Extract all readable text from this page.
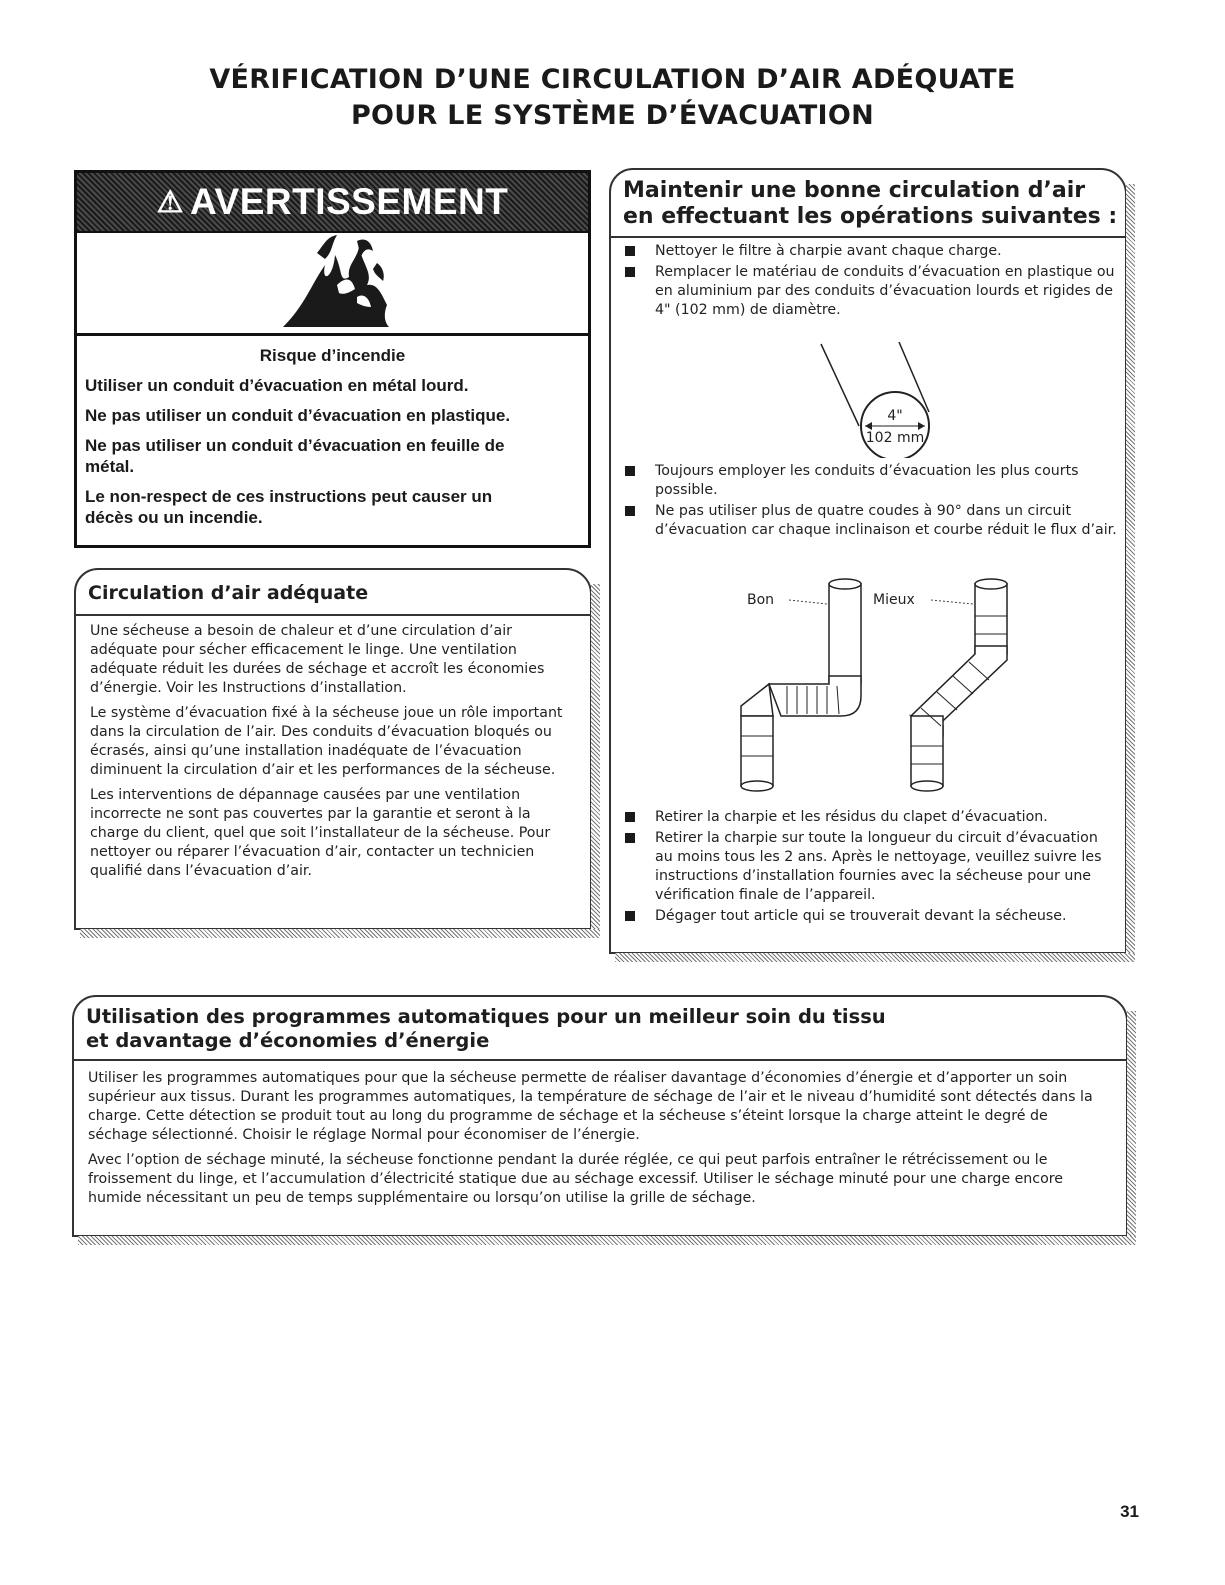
VÉRIFICATION D’UNE CIRCULATION D’AIR ADÉQUATE
POUR LE SYSTÈME D’ÉVACUATION
⚠ AVERTISSEMENT
Risque d’incendie

Utiliser un conduit d’évacuation en métal lourd.

Ne pas utiliser un conduit d’évacuation en plastique.

Ne pas utiliser un conduit d’évacuation en feuille de métal.

Le non-respect de ces instructions peut causer un décès ou un incendie.

Circulation d’air adéquate

Une sécheuse a besoin de chaleur et d’une circulation d’air adéquate pour sécher efficacement le linge. Une ventilation adéquate réduit les durées de séchage et accroît les économies d’énergie. Voir les Instructions d’installation.

Le système d’évacuation fixé à la sécheuse joue un rôle important dans la circulation de l’air. Des conduits d’évacuation bloqués ou écrasés, ainsi qu’une installation inadéquate de l’évacuation diminuent la circulation d’air et les performances de la sécheuse.

Les interventions de dépannage causées par une ventilation incorrecte ne sont pas couvertes par la garantie et seront à la charge du client, quel que soit l’installateur de la sécheuse. Pour nettoyer ou réparer l’évacuation d’air, contacter un technicien qualifié dans l’évacuation d’air.

Maintenir une bonne circulation d’air
en effectuant les opérations suivantes :
Nettoyer le filtre à charpie avant chaque charge.
Remplacer le matériau de conduits d’évacuation en plastique ou en aluminium par des conduits d’évacuation lourds et rigides de 4" (102 mm) de diamètre.
4"
102 mm
Toujours employer les conduits d’évacuation les plus courts possible.
Ne pas utiliser plus de quatre coudes à 90° dans un circuit d’évacuation car chaque inclinaison et courbe réduit le flux d’air.
Bon	Mieux
Retirer la charpie et les résidus du clapet d’évacuation.
Retirer la charpie sur toute la longueur du circuit d’évacuation au moins tous les 2 ans. Après le nettoyage, veuillez suivre les instructions d’installation fournies avec la sécheuse pour une vérification finale de l’appareil.
Dégager tout article qui se trouverait devant la sécheuse.
Utilisation des programmes automatiques pour un meilleur soin du tissu
et davantage d’économies d’énergie

Utiliser les programmes automatiques pour que la sécheuse permette de réaliser davantage d’économies d’énergie et d’apporter un soin supérieur aux tissus. Durant les programmes automatiques, la température de séchage de l’air et le niveau d’humidité sont détectés dans la charge. Cette détection se produit tout au long du programme de séchage et la sécheuse s’éteint lorsque la charge atteint le degré de séchage sélectionné. Choisir le réglage Normal pour économiser de l’énergie.

Avec l’option de séchage minuté, la sécheuse fonctionne pendant la durée réglée, ce qui peut parfois entraîner le rétrécissement ou le froissement du linge, et l’accumulation d’électricité statique due au séchage excessif. Utiliser le séchage minuté pour une charge encore humide nécessitant un peu de temps supplémentaire ou lorsqu’on utilise la grille de séchage.

31
